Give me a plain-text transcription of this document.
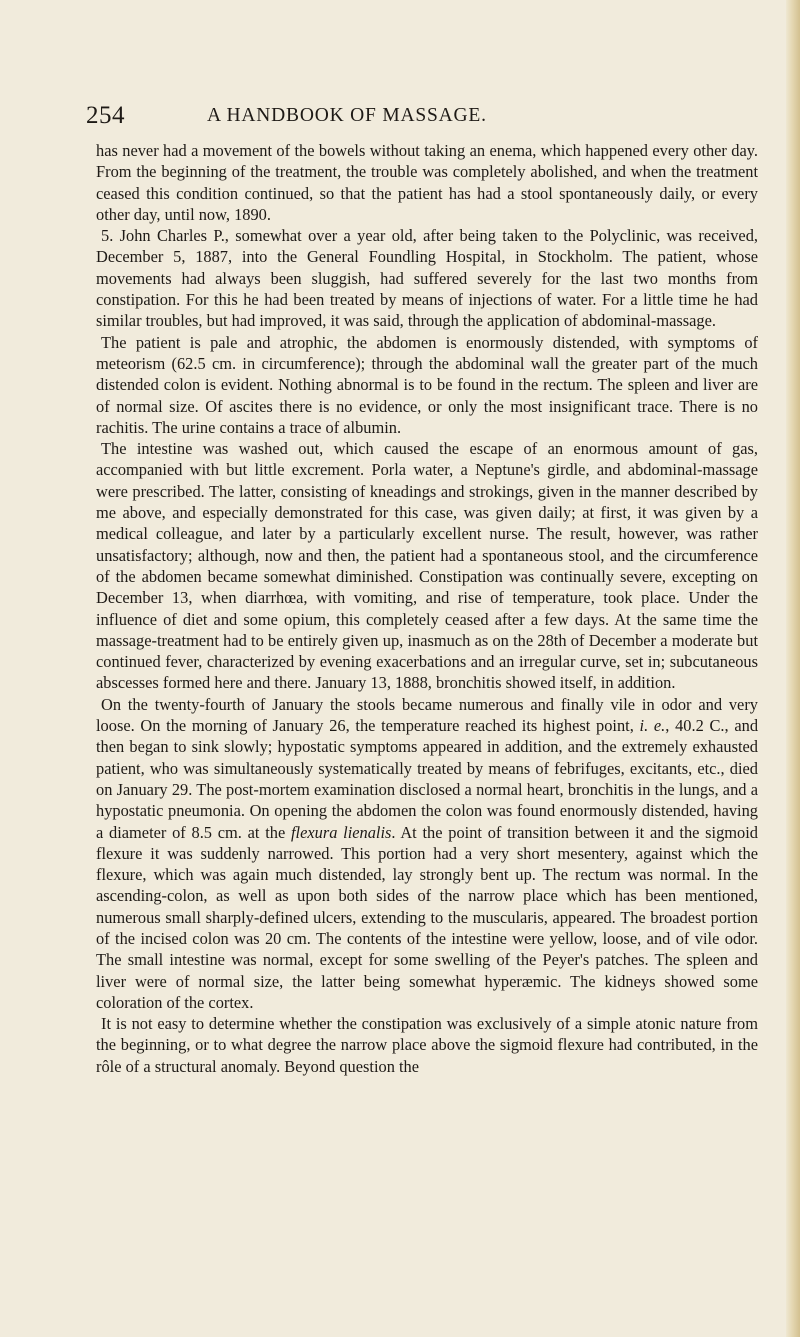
254	A HANDBOOK OF MASSAGE.

has never had a movement of the bowels without taking an enema, which happened every other day. From the beginning of the treatment, the trouble was completely abolished, and when the treatment ceased this condition continued, so that the patient has had a stool spontaneously daily, or every other day, until now, 1890.

5. John Charles P., somewhat over a year old, after being taken to the Polyclinic, was received, December 5, 1887, into the General Foundling Hospital, in Stockholm. The patient, whose movements had always been sluggish, had suffered severely for the last two months from constipation. For this he had been treated by means of injections of water. For a little time he had similar troubles, but had improved, it was said, through the application of abdominal-massage.

The patient is pale and atrophic, the abdomen is enormously distended, with symptoms of meteorism (62.5 cm. in circumference); through the abdominal wall the greater part of the much distended colon is evident. Nothing abnormal is to be found in the rectum. The spleen and liver are of normal size. Of ascites there is no evidence, or only the most insignificant trace. There is no rachitis. The urine contains a trace of albumin.

The intestine was washed out, which caused the escape of an enormous amount of gas, accompanied with but little excrement. Porla water, a Neptune's girdle, and abdominal-massage were prescribed. The latter, consisting of kneadings and strokings, given in the manner described by me above, and especially demonstrated for this case, was given daily; at first, it was given by a medical colleague, and later by a particularly excellent nurse. The result, however, was rather unsatisfactory; although, now and then, the patient had a spontaneous stool, and the circumference of the abdomen became somewhat diminished. Constipation was continually severe, excepting on December 13, when diarrhœa, with vomiting, and rise of temperature, took place. Under the influence of diet and some opium, this completely ceased after a few days. At the same time the massage-treatment had to be entirely given up, inasmuch as on the 28th of December a moderate but continued fever, characterized by evening exacerbations and an irregular curve, set in; subcutaneous abscesses formed here and there. January 13, 1888, bronchitis showed itself, in addition.

On the twenty-fourth of January the stools became numerous and finally vile in odor and very loose. On the morning of January 26, the temperature reached its highest point, i. e., 40.2 C., and then began to sink slowly; hypostatic symptoms appeared in addition, and the extremely exhausted patient, who was simultaneously systematically treated by means of febrifuges, excitants, etc., died on January 29. The post-mortem examination disclosed a normal heart, bronchitis in the lungs, and a hypostatic pneumonia. On opening the abdomen the colon was found enormously distended, having a diameter of 8.5 cm. at the flexura lienalis. At the point of transition between it and the sigmoid flexure it was suddenly narrowed. This portion had a very short mesentery, against which the flexure, which was again much distended, lay strongly bent up. The rectum was normal. In the ascending-colon, as well as upon both sides of the narrow place which has been mentioned, numerous small sharply-defined ulcers, extending to the muscularis, appeared. The broadest portion of the incised colon was 20 cm. The contents of the intestine were yellow, loose, and of vile odor. The small intestine was normal, except for some swelling of the Peyer's patches. The spleen and liver were of normal size, the latter being somewhat hyperæmic. The kidneys showed some coloration of the cortex.

It is not easy to determine whether the constipation was exclusively of a simple atonic nature from the beginning, or to what degree the narrow place above the sigmoid flexure had contributed, in the rôle of a structural anomaly. Beyond question the
